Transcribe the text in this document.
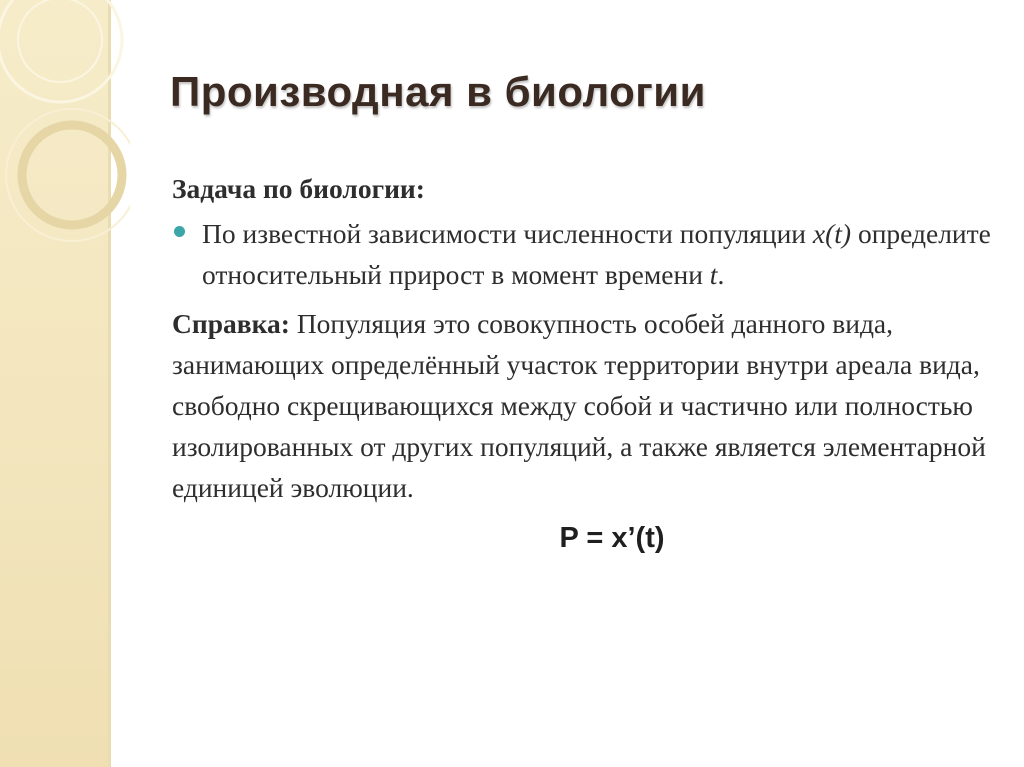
Производная в биологии
Задача по биологии:
По известной зависимости численности популяции x(t) определите относительный прирост в момент времени t.
Справка: Популяция это совокупность особей данного вида, занимающих определённый участок территории внутри ареала вида, свободно скрещивающихся между собой и частично или полностью изолированных от других популяций, а также является элементарной единицей эволюции.
P = x’(t)
